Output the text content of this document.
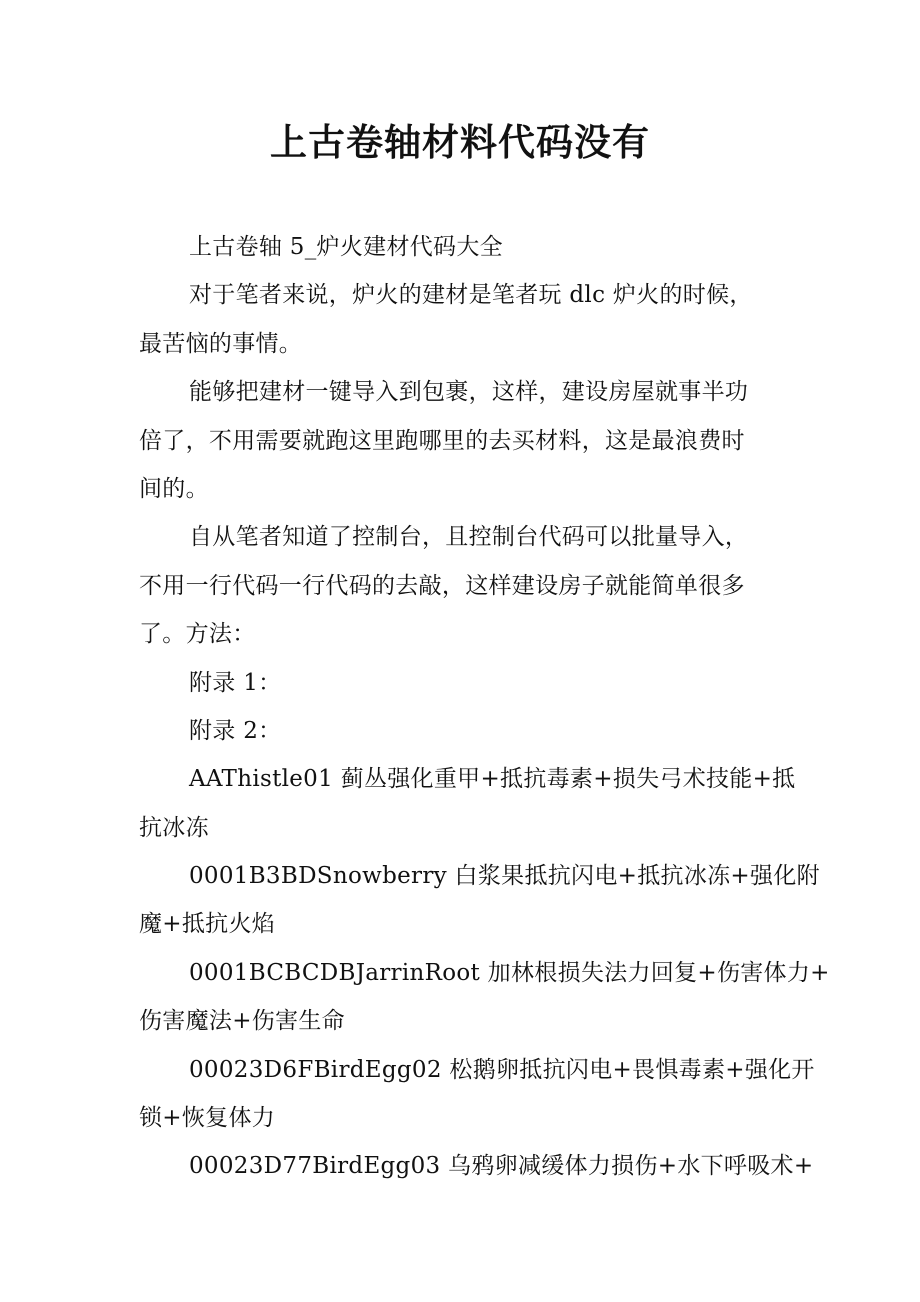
上古卷轴材料代码没有
上古卷轴 5_炉火建材代码大全
对于笔者来说，炉火的建材是笔者玩 dlc 炉火的时候，
最苦恼的事情。
能够把建材一键导入到包裹，这样，建设房屋就事半功
倍了，不用需要就跑这里跑哪里的去买材料，这是最浪费时
间的。
自从笔者知道了控制台，且控制台代码可以批量导入，
不用一行代码一行代码的去敲，这样建设房子就能简单很多
了。方法：
附录 1：
附录 2：
AAThistle01 蓟丛强化重甲+抵抗毒素+损失弓术技能+抵
抗冰冻
0001B3BDSnowberry 白浆果抵抗闪电+抵抗冰冻+强化附
魔+抵抗火焰
0001BCBCDBJarrinRoot 加林根损失法力回复+伤害体力+
伤害魔法+伤害生命
00023D6FBirdEgg02 松鹅卵抵抗闪电+畏惧毒素+强化开
锁+恢复体力
00023D77BirdEgg03 乌鸦卵减缓体力损伤+水下呼吸术+
